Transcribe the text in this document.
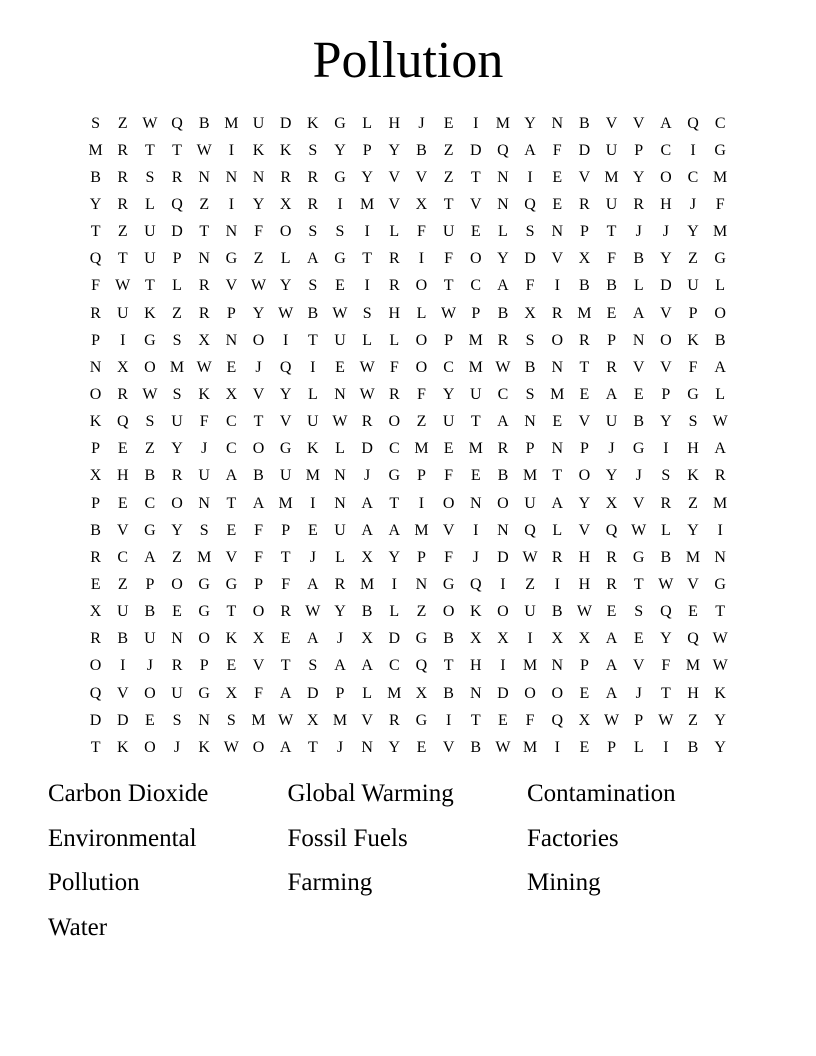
Pollution
S	Z W Q	B M U D K G	L	H	J	E	I	M Y N	B	V V A Q	C
M R	T	T W	I	K K	S	Y	P	Y	B	Z	D Q A	F	D U	P	C	I	G
B	R	S	R	N N N	R	R	G Y V V	Z	T	N	I	E	V M Y O	C M
Y	R	L	Q	Z	I	Y X	R	I	M V X	T	V N Q	E	R	U	R	H	J	F
T	Z	U D	T	N	F	O	S	S	I	L	F	U	E	L	S	N	P	T	J	J	Y M
Q	T	U	P	N G	Z	L	A G	T	R	I	F	O Y D V X	F	B	Y	Z	G
F W T	L	R	V W Y	S	E	I	R	O	T	C	A	F	I	B	B	L	D U	L
R	U K	Z	R	P	Y W B W S	H	L W P	B	X	R M E	A V	P	O
P	I	G	S	X N O	I	T	U	L	L	O	P M R	S	O	R	P	N O K	B
N X O M W E	J	Q	I	E W F	O	C M W B	N	T	R	V V	F	A
O	R W S	K X V Y	L	N W R	F	Y U	C	S M E	A	E	P	G	L
K Q	S	U	F	C	T	V U W R	O	Z	U	T	A N	E	V U	B	Y	S W
P	E	Z	Y	J	C	O G K	L	D	C M E M R	P	N	P	J	G	I	H A
X H	B	R	U A	B	U M N	J	G	P	F	E	B M T	O Y	J	S	K	R
P	E	C	O N	T	A M	I	N A	T	I	O N O U A Y X V	R	Z M
B	V G Y	S	E	F	P	E	U A A M V	I	N Q	L	V Q W L	Y	I
R	C	A	Z M V	F	T	J	L	X Y	P	F	J	D W R	H	R	G	B M N
E	Z	P	O G G	P	F	A	R M	I	N G Q	I	Z	I	H	R	T W V G
X U	B	E	G	T	O	R W Y	B	L	Z	O K O U	B W E	S	Q	E	T
R	B	U N O K X	E	A	J	X D G	B	X X	I	X X A	E	Y Q W
O	I	J	R	P	E	V	T	S	A A	C	Q	T	H	I	M N	P	A V	F M W
Q V O U G X	F	A D	P	L M X	B	N D O O	E	A	J	T	H K
D D	E	S	N	S M W X M V	R	G	I	T	E	F	Q X W P W Z	Y
T	K O	J	K W O A	T	J	N Y	E	V	B W M	I	E	P	L	I	B	Y
Carbon Dioxide
Environmental
Pollution
Water
Global Warming
Fossil Fuels
Farming
Contamination
Factories
Mining
